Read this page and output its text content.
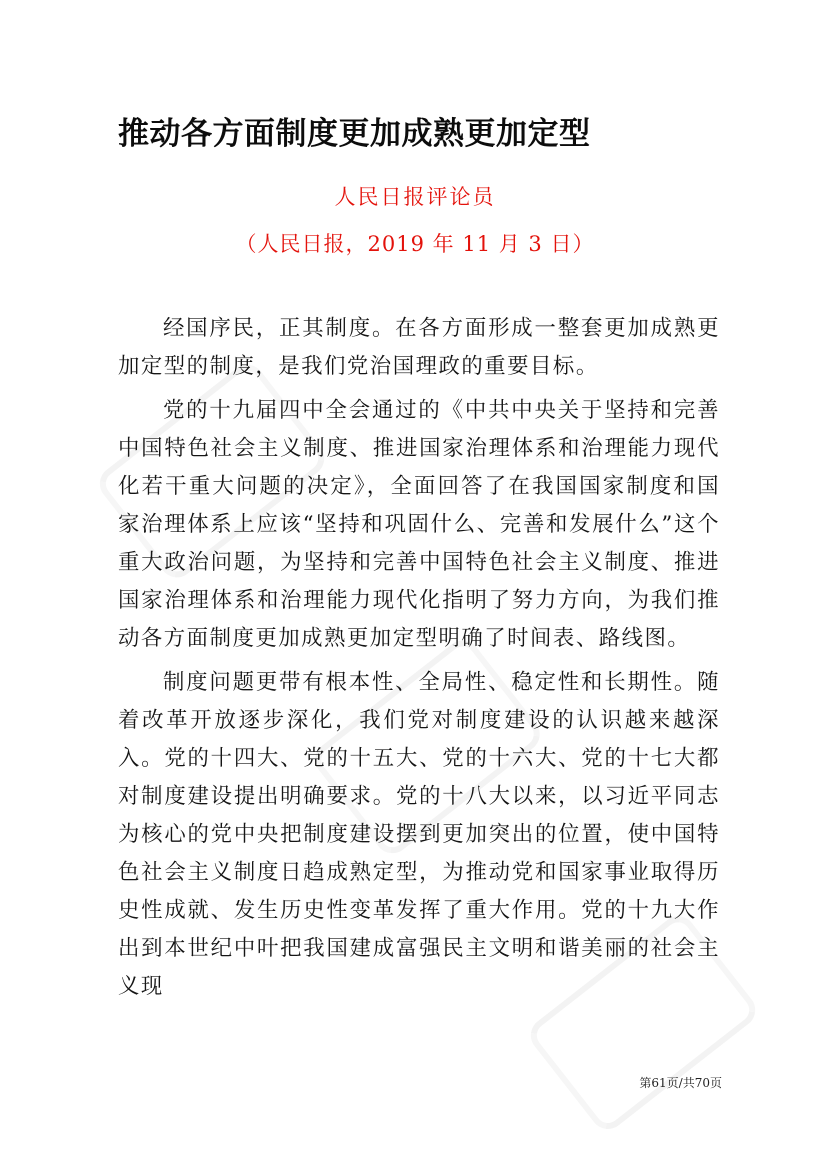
推动各方面制度更加成熟更加定型
人民日报评论员
（人民日报，2019 年 11 月 3 日）

经国序民，正其制度。在各方面形成一整套更加成熟更加定型的制度，是我们党治国理政的重要目标。

党的十九届四中全会通过的《中共中央关于坚持和完善中国特色社会主义制度、推进国家治理体系和治理能力现代化若干重大问题的决定》，全面回答了在我国国家制度和国家治理体系上应该“坚持和巩固什么、完善和发展什么”这个重大政治问题，为坚持和完善中国特色社会主义制度、推进国家治理体系和治理能力现代化指明了努力方向，为我们推动各方面制度更加成熟更加定型明确了时间表、路线图。

制度问题更带有根本性、全局性、稳定性和长期性。随着改革开放逐步深化，我们党对制度建设的认识越来越深入。党的十四大、党的十五大、党的十六大、党的十七大都对制度建设提出明确要求。党的十八大以来，以习近平同志为核心的党中央把制度建设摆到更加突出的位置，使中国特色社会主义制度日趋成熟定型，为推动党和国家事业取得历史性成就、发生历史性变革发挥了重大作用。党的十九大作出到本世纪中叶把我国建成富强民主文明和谐美丽的社会主义现

第61页/共70页
